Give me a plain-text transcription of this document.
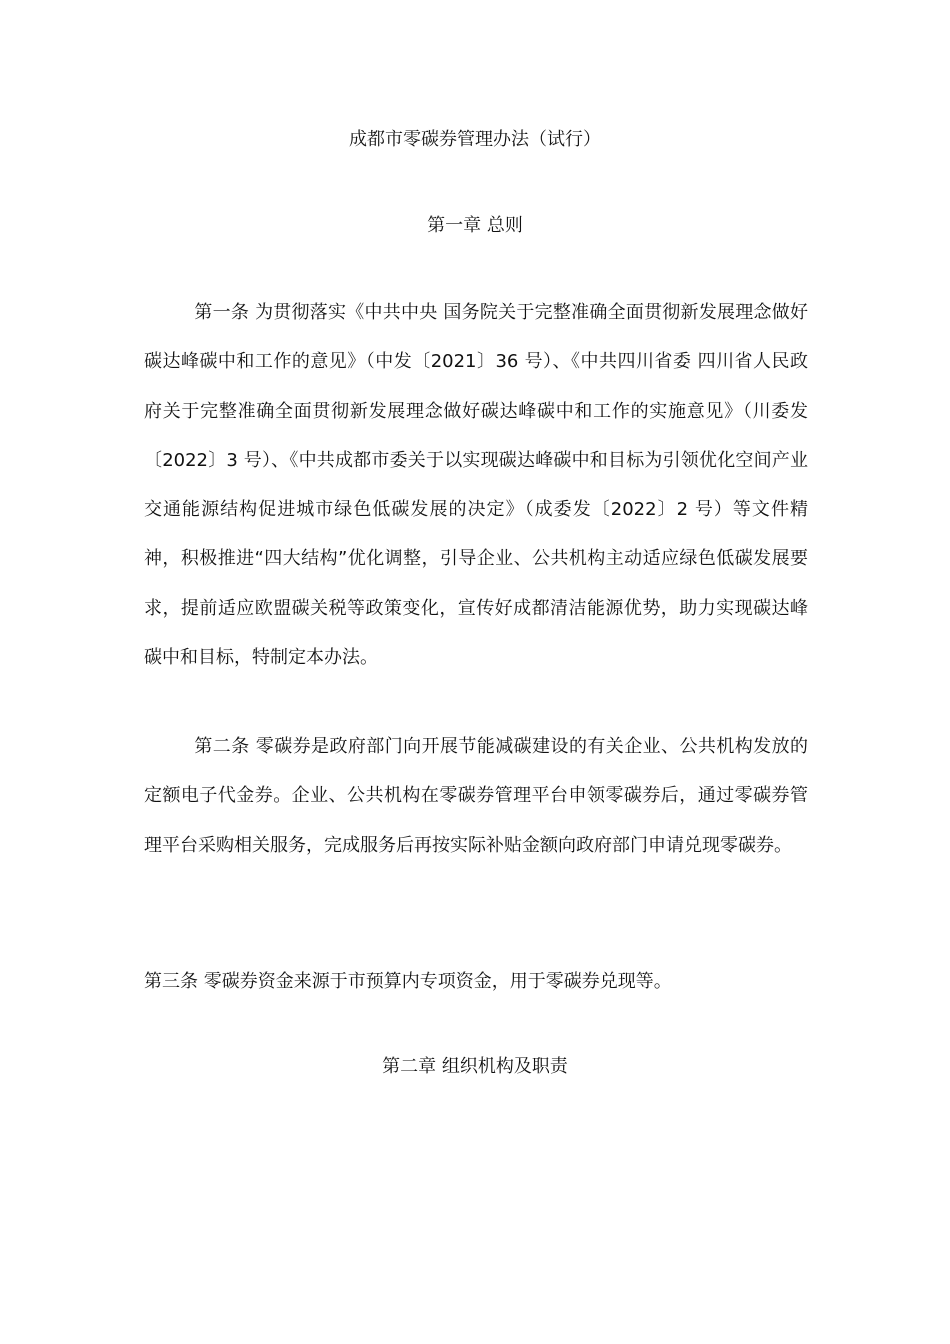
成都市零碳券管理办法（试行）
第一章 总则

第一条 为贯彻落实《中共中央 国务院关于完整准确全面贯彻新发展理念做好碳达峰碳中和工作的意见》（中发〔2021〕36 号）、《中共四川省委 四川省人民政府关于完整准确全面贯彻新发展理念做好碳达峰碳中和工作的实施意见》（川委发〔2022〕3 号）、《中共成都市委关于以实现碳达峰碳中和目标为引领优化空间产业交通能源结构促进城市绿色低碳发展的决定》（成委发〔2022〕2 号）等文件精神，积极推进“四大结构”优化调整，引导企业、公共机构主动适应绿色低碳发展要求，提前适应欧盟碳关税等政策变化，宣传好成都清洁能源优势，助力实现碳达峰碳中和目标，特制定本办法。

第二条 零碳券是政府部门向开展节能减碳建设的有关企业、公共机构发放的定额电子代金券。企业、公共机构在零碳券管理平台申领零碳券后，通过零碳券管理平台采购相关服务，完成服务后再按实际补贴金额向政府部门申请兑现零碳券。

第三条 零碳券资金来源于市预算内专项资金，用于零碳券兑现等。

第二章 组织机构及职责
